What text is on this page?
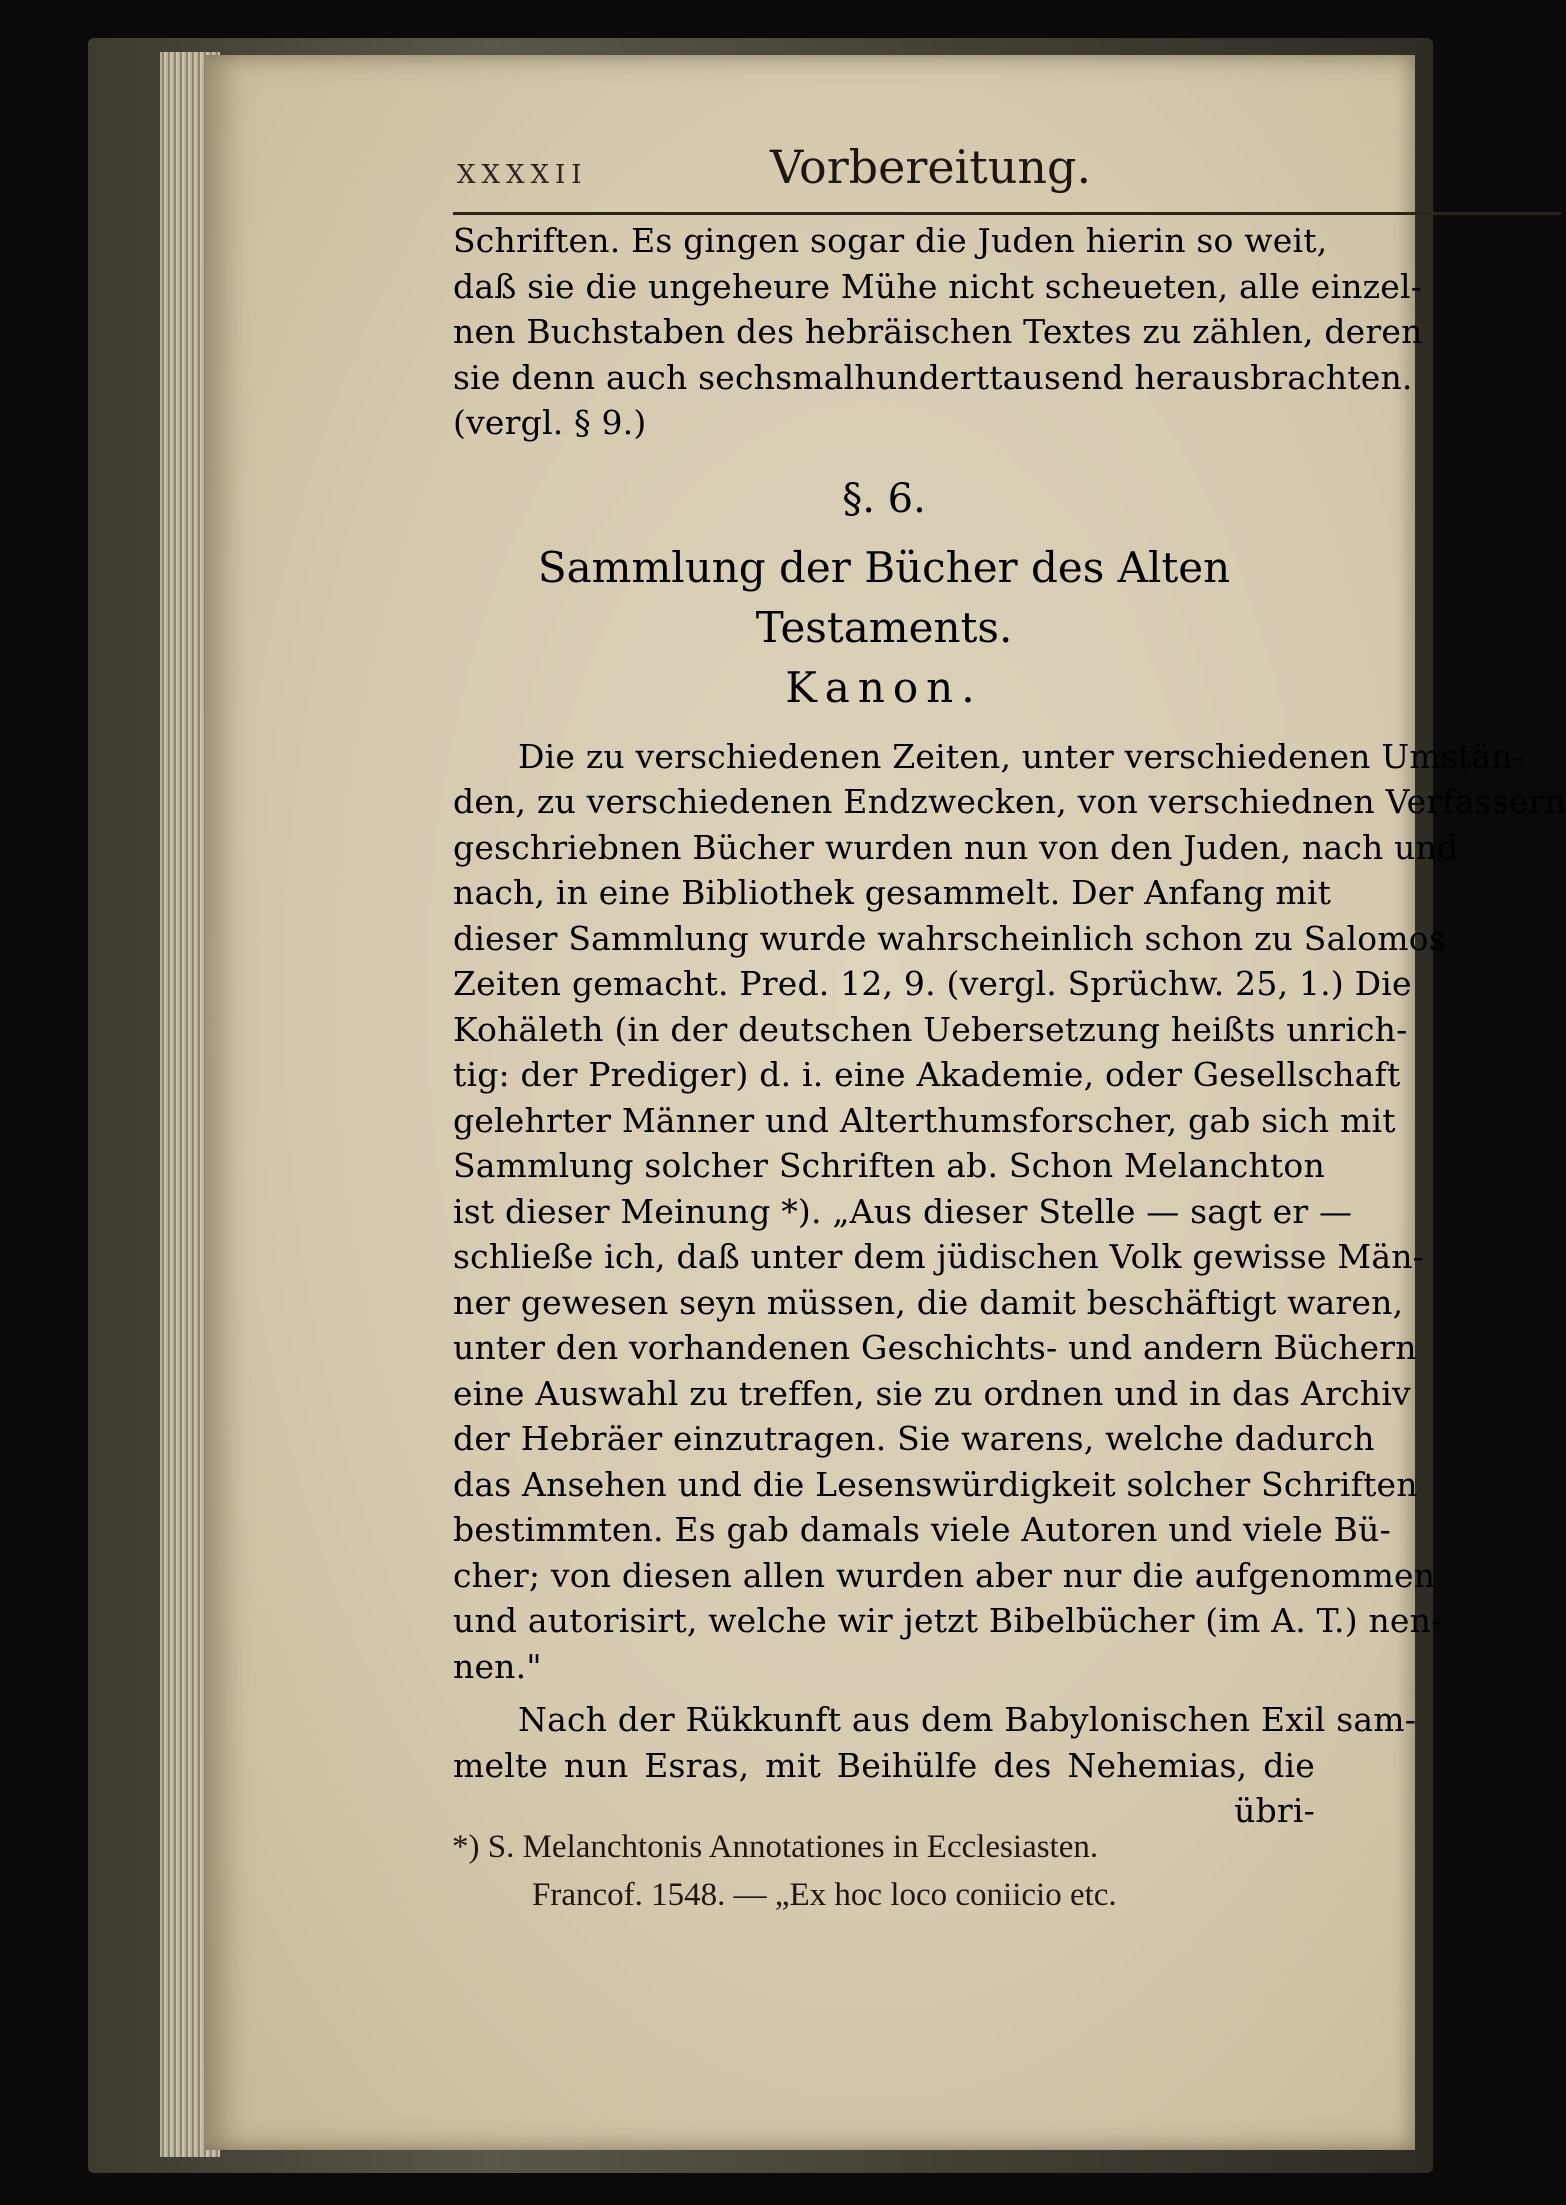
XXXXII	Vorbereitung.
Schriften. Es gingen sogar die Juden hierin so weit,
daß sie die ungeheure Mühe nicht scheueten, alle einzel-
nen Buchstaben des hebräischen Textes zu zählen, deren
sie denn auch sechsmalhunderttausend herausbrachten.
(vergl. § 9.)
§. 6.
Sammlung der Bücher des Alten Testaments.
Kanon.
Die zu verschiedenen Zeiten, unter verschiedenen Umstän-
den, zu verschiedenen Endzwecken, von verschiednen Verfassern
geschriebnen Bücher wurden nun von den Juden, nach und
nach, in eine Bibliothek gesammelt. Der Anfang mit
dieser Sammlung wurde wahrscheinlich schon zu Salomos
Zeiten gemacht. Pred. 12, 9. (vergl. Sprüchw. 25, 1.) Die
Kohäleth (in der deutschen Uebersetzung heißts unrich-
tig: der Prediger) d. i. eine Akademie, oder Gesellschaft
gelehrter Männer und Alterthumsforscher, gab sich mit
Sammlung solcher Schriften ab. Schon Melanchton
ist dieser Meinung *). „Aus dieser Stelle — sagt er —
schließe ich, daß unter dem jüdischen Volk gewisse Män-
ner gewesen seyn müssen, die damit beschäftigt waren,
unter den vorhandenen Geschichts- und andern Büchern
eine Auswahl zu treffen, sie zu ordnen und in das Archiv
der Hebräer einzutragen. Sie warens, welche dadurch
das Ansehen und die Lesenswürdigkeit solcher Schriften
bestimmten. Es gab damals viele Autoren und viele Bü-
cher; von diesen allen wurden aber nur die aufgenommen
und autorisirt, welche wir jetzt Bibelbücher (im A. T.) nen-
nen."
Nach der Rükkunft aus dem Babylonischen Exil sam-
melte nun Esras, mit Beihülfe des Nehemias, die
übri-
*) S. Melanchtonis Annotationes in Ecclesiasten.
Francof. 1548. — „Ex hoc loco coniicio etc.
